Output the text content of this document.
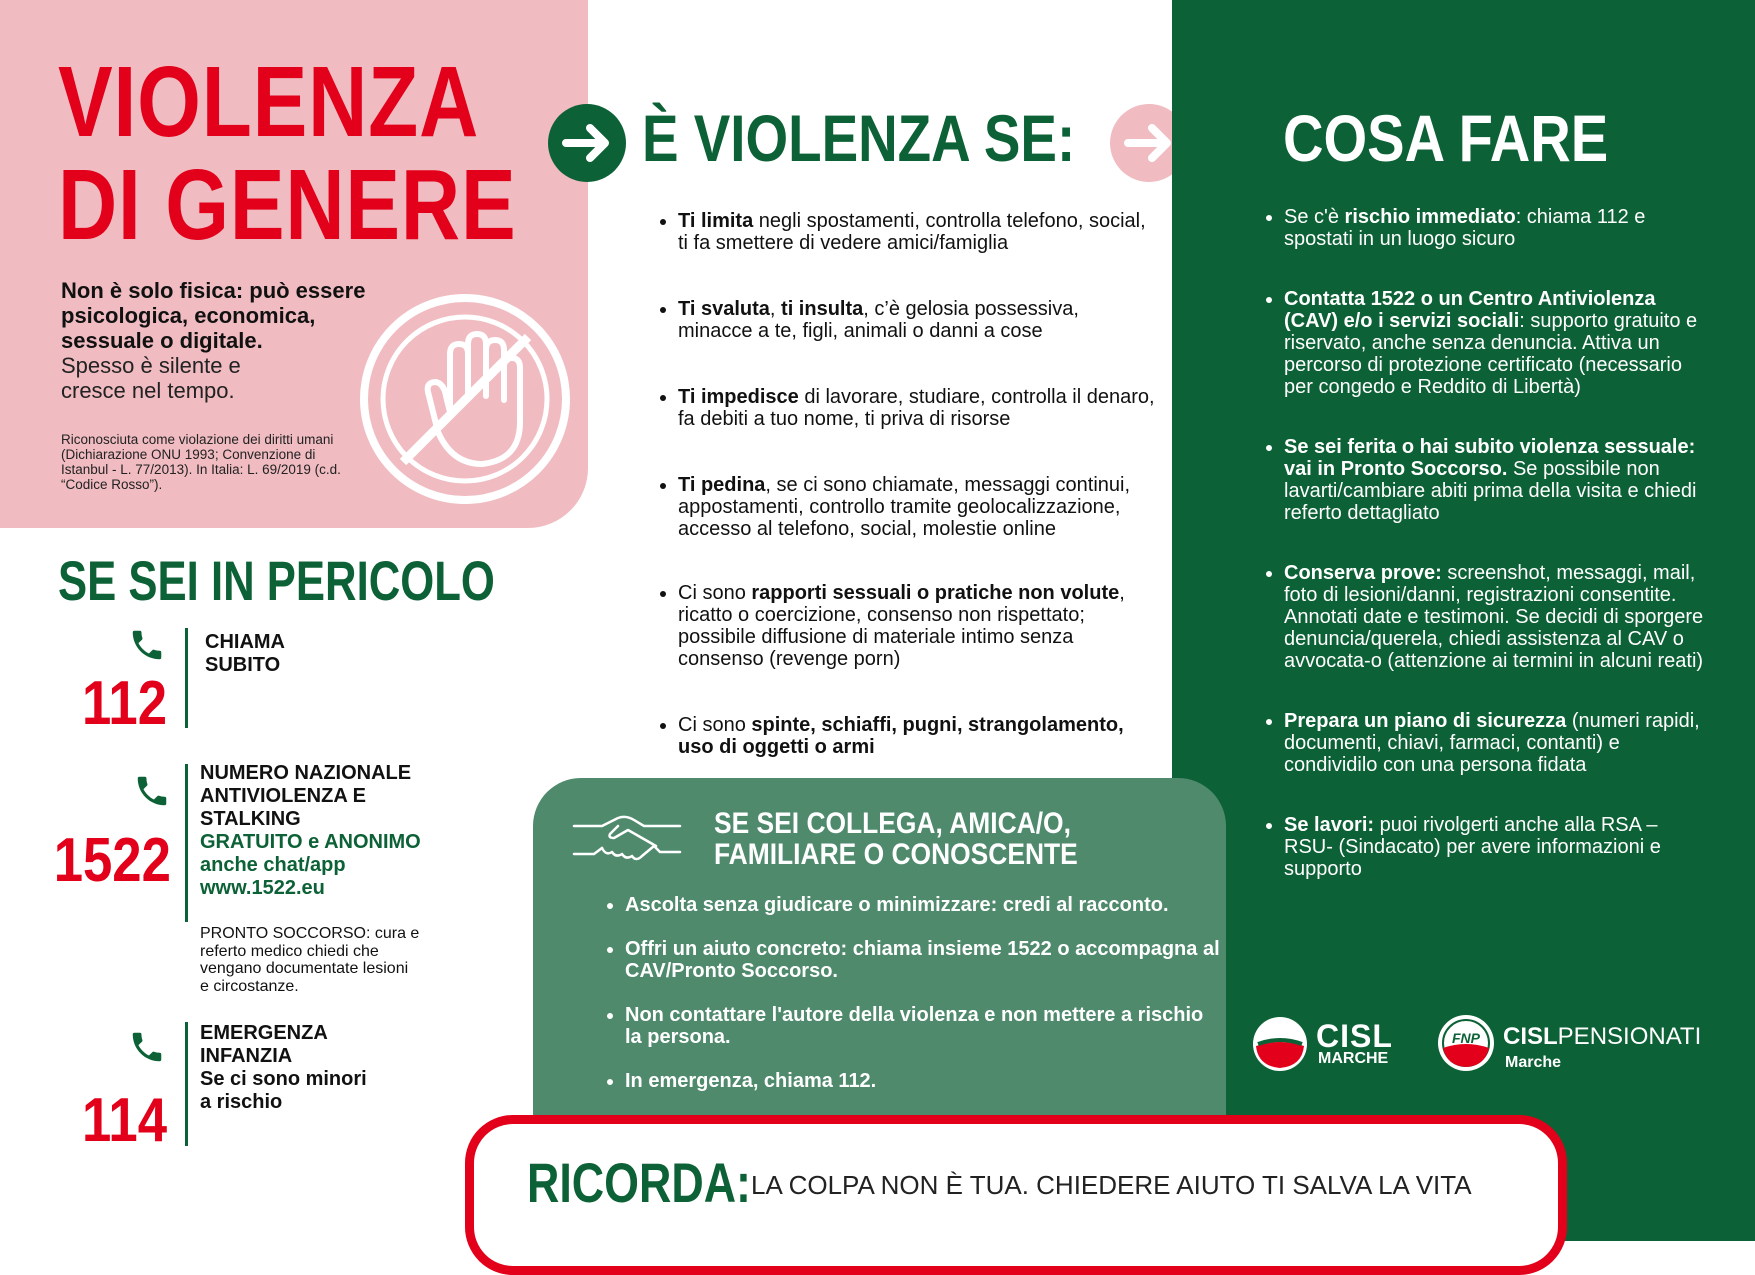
VIOLENZA
DI GENERE
Non è solo fisica: può essere psicologica, economica, sessuale o digitale.
Spesso è silente e cresce nel tempo.
Riconosciuta come violazione dei diritti umani (Dichiarazione ONU 1993; Convenzione di Istanbul - L. 77/2013). In Italia: L. 69/2019 (c.d. “Codice Rosso”).
SE SEI IN PERICOLO
112
CHIAMA
SUBITO
1522
NUMERO NAZIONALE
ANTIVIOLENZA E
STALKING
GRATUITO e ANONIMO
anche chat/app
www.1522.eu
PRONTO SOCCORSO: cura e referto medico chiedi che vengano documentate lesioni e circostanze.
114
EMERGENZA
INFANZIA
Se ci sono minori
a rischio
È VIOLENZA SE:
• Ti limita negli spostamenti, controlla telefono, social, ti fa smettere di vedere amici/famiglia
• Ti svaluta, ti insulta, c’è gelosia possessiva, minacce a te, figli, animali o danni a cose
• Ti impedisce di lavorare, studiare, controlla il denaro, fa debiti a tuo nome, ti priva di risorse
• Ti pedina, se ci sono chiamate, messaggi continui, appostamenti, controllo tramite geolocalizzazione, accesso al telefono, social, molestie online
• Ci sono rapporti sessuali o pratiche non volute, ricatto o coercizione, consenso non rispettato; possibile diffusione di materiale intimo senza consenso (revenge porn)
• Ci sono spinte, schiaffi, pugni, strangolamento, uso di oggetti o armi
COSA FARE
• Se c'è rischio immediato: chiama 112 e spostati in un luogo sicuro
• Contatta 1522 o un Centro Antiviolenza (CAV) e/o i servizi sociali: supporto gratuito e riservato, anche senza denuncia. Attiva un percorso di protezione certificato (necessario per congedo e Reddito di Libertà)
• Se sei ferita o hai subito violenza sessuale: vai in Pronto Soccorso. Se possibile non lavarti/cambiare abiti prima della visita e chiedi referto dettagliato
• Conserva prove: screenshot, messaggi, mail, foto di lesioni/danni, registrazioni consentite. Annotati date e testimoni. Se decidi di sporgere denuncia/querela, chiedi assistenza al CAV o avvocata-o (attenzione ai termini in alcuni reati)
• Prepara un piano di sicurezza (numeri rapidi, documenti, chiavi, farmaci, contanti) e condividilo con una persona fidata
• Se lavori: puoi rivolgerti anche alla RSA – RSU- (Sindacato) per avere informazioni e supporto
SE SEI COLLEGA, AMICA/O,
FAMILIARE O CONOSCENTE
• Ascolta senza giudicare o minimizzare: credi al racconto.
• Offri un aiuto concreto: chiama insieme 1522 o accompagna al CAV/Pronto Soccorso.
• Non contattare l'autore della violenza e non mettere a rischio la persona.
• In emergenza, chiama 112.
CISL
MARCHE
FNP CISLPENSIONATI
Marche
RICORDA: LA COLPA NON È TUA. CHIEDERE AIUTO TI SALVA LA VITA
